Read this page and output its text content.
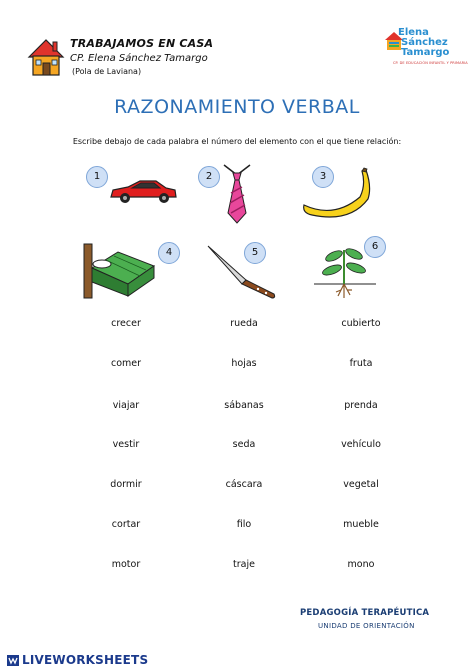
TRABAJAMOS EN CASA
CP. Elena Sánchez Tamargo
(Pola de Laviana)
Elena
Sánchez
Tamargo
CP. DE EDUCACIÓN INFANTIL Y PRIMARIA
RAZONAMIENTO VERBAL
Escribe debajo de cada palabra el número del elemento con el que tiene relación:
1	2	3
4	5
6
crecer	rueda	cubierto
comer	hojas	fruta
viajar	sábanas	prenda
vestir	seda	vehículo
dormir	cáscara	vegetal
cortar	filo	mueble
motor	traje	mono
PEDAGOGÍA TERAPÉUTICA
UNIDAD DE ORIENTACIÓN
LIVEWORKSHEETS
